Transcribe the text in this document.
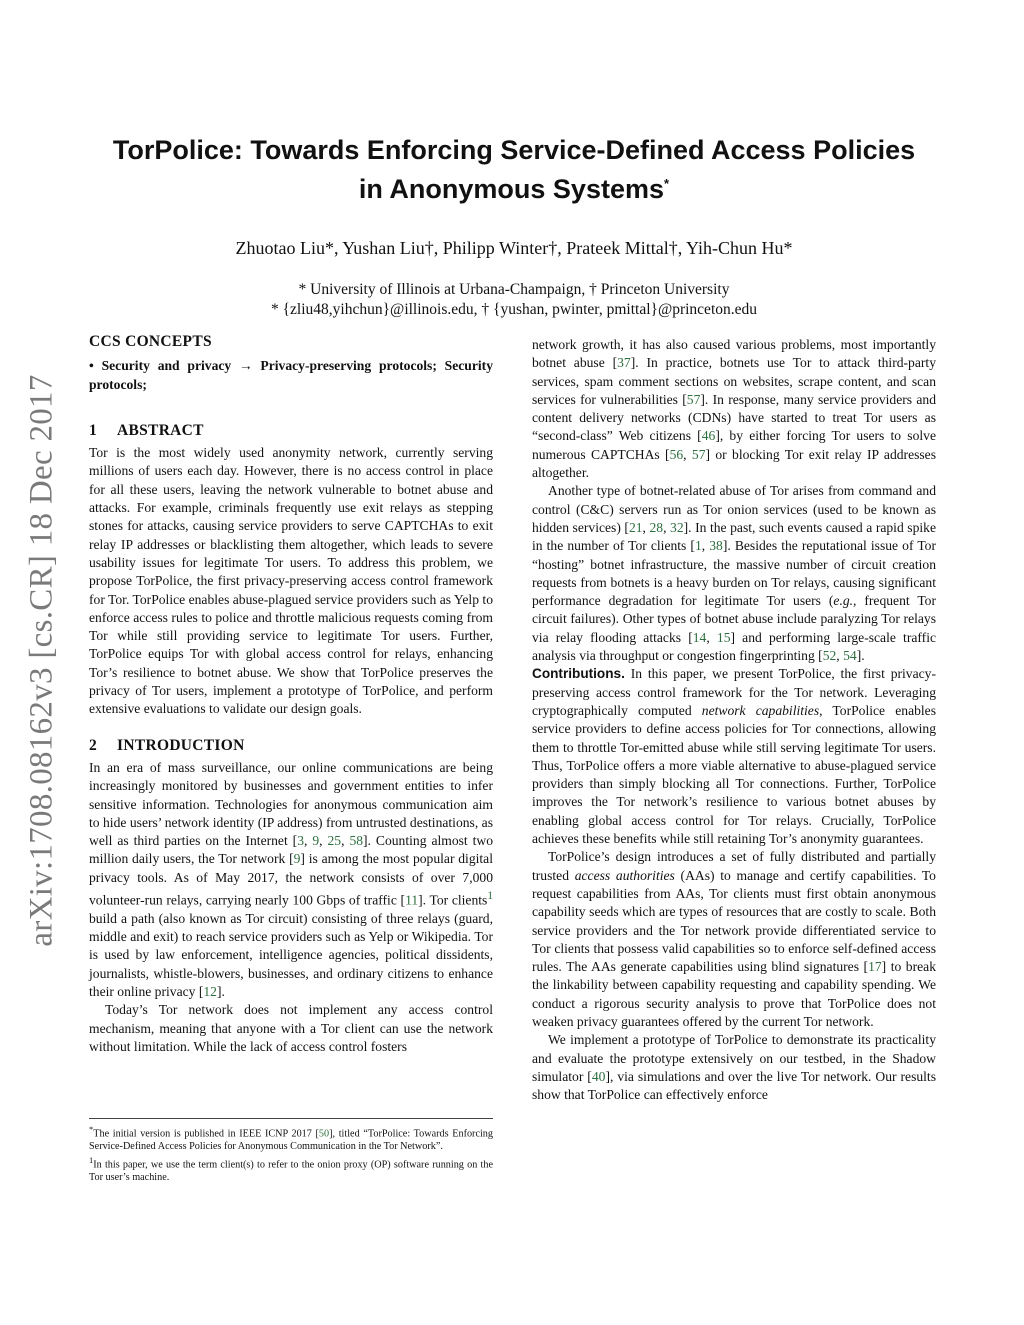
arXiv:1708.08162v3 [cs.CR] 18 Dec 2017
TorPolice: Towards Enforcing Service-Defined Access Policies
in Anonymous Systems*
Zhuotao Liu*, Yushan Liu†, Philipp Winter†, Prateek Mittal†, Yih-Chun Hu*
* University of Illinois at Urbana-Champaign, † Princeton University
* {zliu48,yihchun}@illinois.edu, † {yushan, pwinter, pmittal}@princeton.edu
CCS CONCEPTS

• Security and privacy → Privacy-preserving protocols; Security protocols;

1 ABSTRACT

Tor is the most widely used anonymity network, currently serving millions of users each day. However, there is no access control in place for all these users, leaving the network vulnerable to botnet abuse and attacks. For example, criminals frequently use exit relays as stepping stones for attacks, causing service providers to serve CAPTCHAs to exit relay IP addresses or blacklisting them altogether, which leads to severe usability issues for legitimate Tor users. To address this problem, we propose TorPolice, the first privacy-preserving access control framework for Tor. TorPolice enables abuse-plagued service providers such as Yelp to enforce access rules to police and throttle malicious requests coming from Tor while still providing service to legitimate Tor users. Further, TorPolice equips Tor with global access control for relays, enhancing Tor’s resilience to botnet abuse. We show that TorPolice preserves the privacy of Tor users, implement a prototype of TorPolice, and perform extensive evaluations to validate our design goals.

2 INTRODUCTION

In an era of mass surveillance, our online communications are being increasingly monitored by businesses and government entities to infer sensitive information. Technologies for anonymous communication aim to hide users’ network identity (IP address) from untrusted destinations, as well as third parties on the Internet [3, 9, 25, 58]. Counting almost two million daily users, the Tor network [9] is among the most popular digital privacy tools. As of May 2017, the network consists of over 7,000 volunteer-run relays, carrying nearly 100 Gbps of traffic [11]. Tor clients$^1$ build a path (also known as Tor circuit) consisting of three relays (guard, middle and exit) to reach service providers such as Yelp or Wikipedia. Tor is used by law enforcement, intelligence agencies, political dissidents, journalists, whistle-blowers, businesses, and ordinary citizens to enhance their online privacy [12].

Today’s Tor network does not implement any access control mechanism, meaning that anyone with a Tor client can use the network without limitation. While the lack of access control fosters

*The initial version is published in IEEE ICNP 2017 [50], titled “TorPolice: Towards Enforcing Service-Defined Access Policies for Anonymous Communication in the Tor Network”.

$^1$In this paper, we use the term client(s) to refer to the onion proxy (OP) software running on the Tor user’s machine.

network growth, it has also caused various problems, most importantly botnet abuse [37]. In practice, botnets use Tor to attack third-party services, spam comment sections on websites, scrape content, and scan services for vulnerabilities [57]. In response, many service providers and content delivery networks (CDNs) have started to treat Tor users as “second-class” Web citizens [46], by either forcing Tor users to solve numerous CAPTCHAs [56, 57] or blocking Tor exit relay IP addresses altogether.

Another type of botnet-related abuse of Tor arises from command and control (C&C) servers run as Tor onion services (used to be known as hidden services) [21, 28, 32]. In the past, such events caused a rapid spike in the number of Tor clients [1, 38]. Besides the reputational issue of Tor “hosting” botnet infrastructure, the massive number of circuit creation requests from botnets is a heavy burden on Tor relays, causing significant performance degradation for legitimate Tor users (e.g., frequent Tor circuit failures). Other types of botnet abuse include paralyzing Tor relays via relay flooding attacks [14, 15] and performing large-scale traffic analysis via throughput or congestion fingerprinting [52, 54].

Contributions. In this paper, we present TorPolice, the first privacy-preserving access control framework for the Tor network. Leveraging cryptographically computed network capabilities, TorPolice enables service providers to define access policies for Tor connections, allowing them to throttle Tor-emitted abuse while still serving legitimate Tor users. Thus, TorPolice offers a more viable alternative to abuse-plagued service providers than simply blocking all Tor connections. Further, TorPolice improves the Tor network’s resilience to various botnet abuses by enabling global access control for Tor relays. Crucially, TorPolice achieves these benefits while still retaining Tor’s anonymity guarantees.

TorPolice’s design introduces a set of fully distributed and partially trusted access authorities (AAs) to manage and certify capabilities. To request capabilities from AAs, Tor clients must first obtain anonymous capability seeds which are types of resources that are costly to scale. Both service providers and the Tor network provide differentiated service to Tor clients that possess valid capabilities so to enforce self-defined access rules. The AAs generate capabilities using blind signatures [17] to break the linkability between capability requesting and capability spending. We conduct a rigorous security analysis to prove that TorPolice does not weaken privacy guarantees offered by the current Tor network.

We implement a prototype of TorPolice to demonstrate its practicality and evaluate the prototype extensively on our testbed, in the Shadow simulator [40], via simulations and over the live Tor network. Our results show that TorPolice can effectively enforce
